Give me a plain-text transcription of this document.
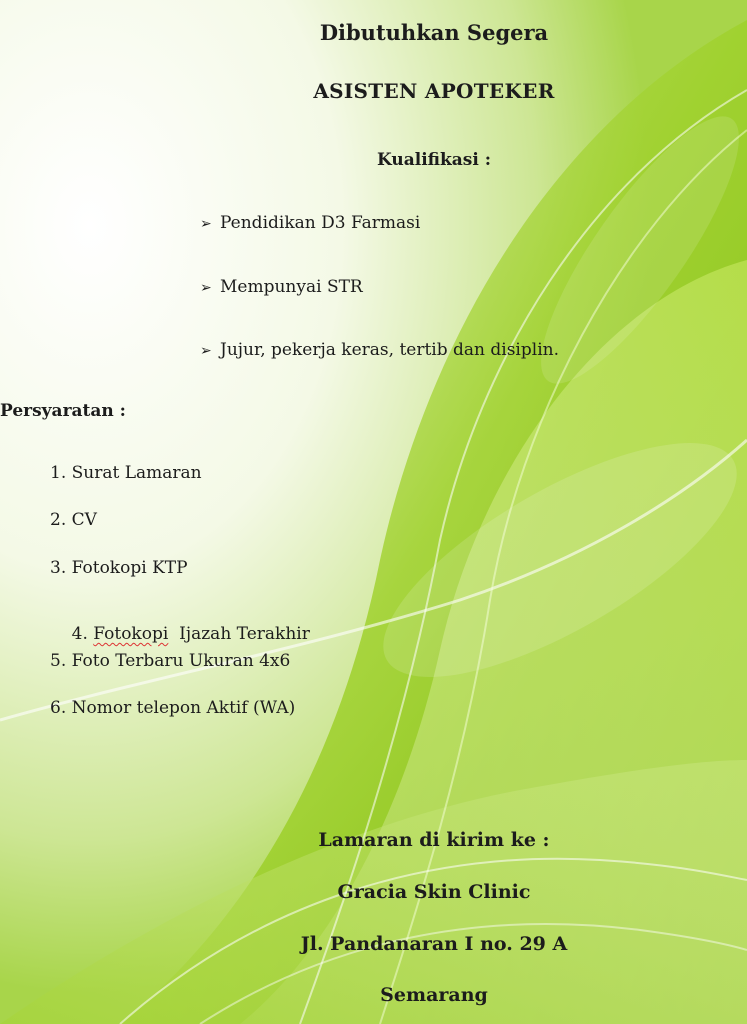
Dibutuhkan Segera
ASISTEN APOTEKER
Kualifikasi :
➢ Pendidikan D3 Farmasi
➢ Mempunyai STR
➢ Jujur, pekerja keras, tertib dan disiplin.
Persyaratan :
1. Surat Lamaran
2. CV
3. Fotokopi KTP

4. Fotokopi  Ijazah Terakhir

5. Foto Terbaru Ukuran 4x6
6. Nomor telepon Aktif (WA)
Lamaran di kirim ke :
Gracia Skin Clinic
Jl. Pandanaran I no. 29 A
Semarang
